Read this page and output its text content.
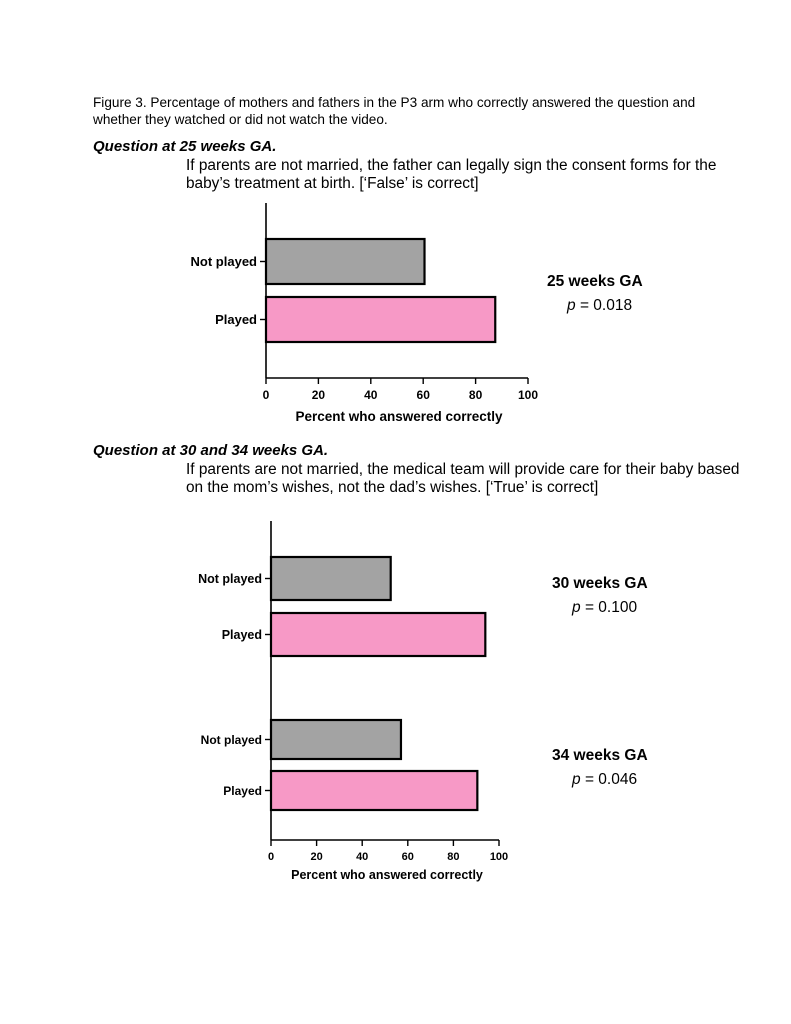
Figure 3. Percentage of mothers and fathers in the P3 arm who correctly answered the question and whether they watched or did not watch the video.
Question at 25 weeks GA.
If parents are not married, the father can legally sign the consent forms for the baby’s treatment at birth. [‘False’ is correct]
Question at 30 and 34 weeks GA.
If parents are not married, the medical team will provide care for their baby based on the mom’s wishes, not the dad’s wishes. [‘True’ is correct]
Not played
Played
0	20	40	60	80	100
Percent who answered correctly
Not played
Played
Not played
Played
0	20	40	60	80	100
Percent who answered correctly
25 weeks GA
p = 0.018
30 weeks GA
p = 0.100
34 weeks GA
p = 0.046
